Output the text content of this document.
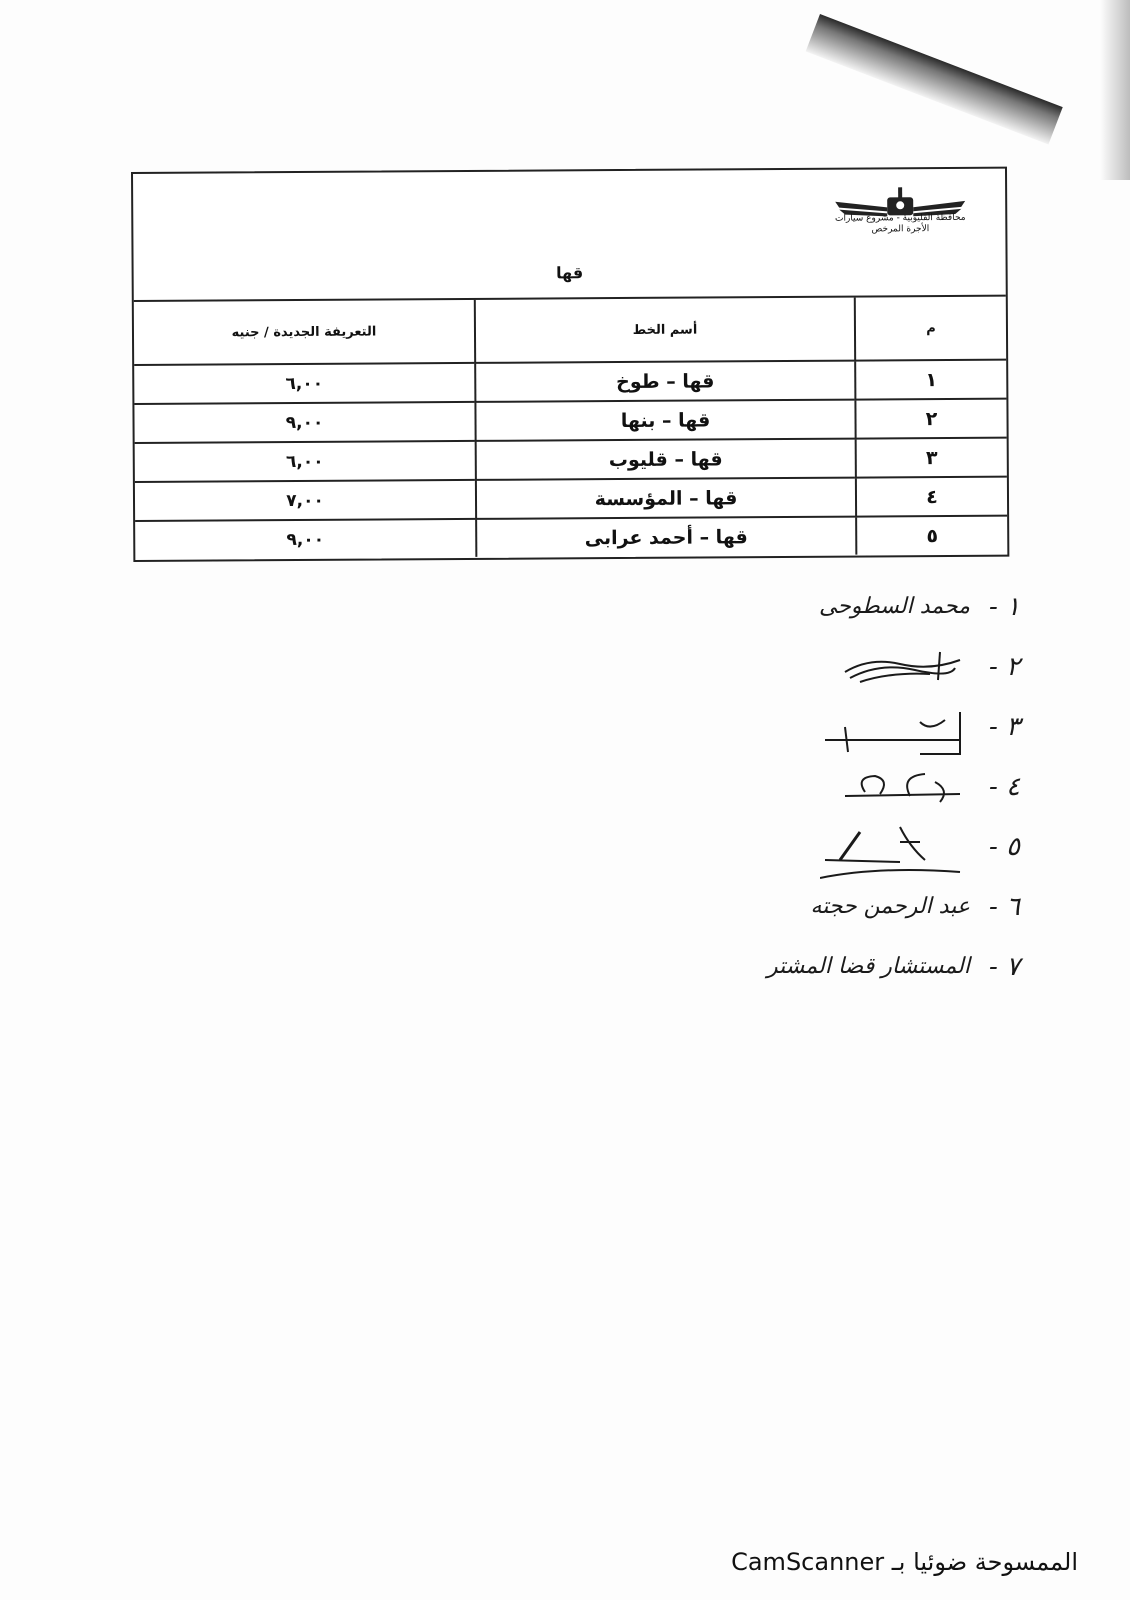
محافظة القليوبية - مشروع سيارات الأجرة المرخص
قها
م	أسم الخط	التعريفة الجديدة / جنيه
١	قها – طوخ	٦,٠٠
٢	قها – بنها	٩,٠٠
٣	قها – قليوب	٦,٠٠
٤	قها – المؤسسة	٧,٠٠
٥	قها – أحمد عرابى	٩,٠٠
١ -
محمد السطوحى
٢ -
٣ -
٤ -
٥ -
٦ -
عبد الرحمن حجته
٧ -
المستشار قضا المشتر
الممسوحة ضوئيا بـ CamScanner
